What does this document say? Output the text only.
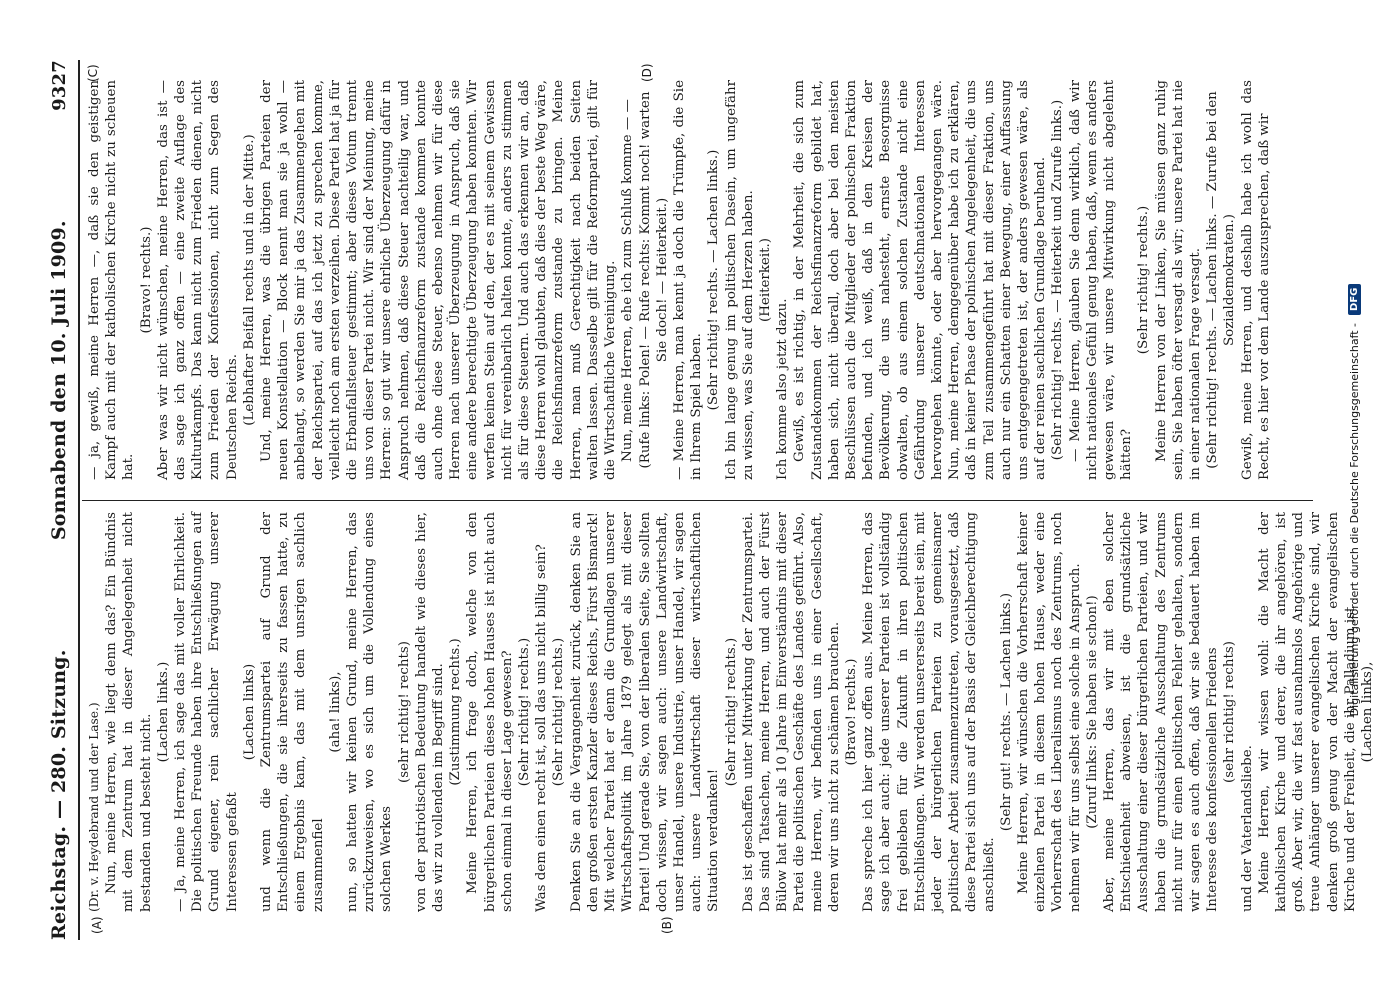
Reichstag. — 280. Sitzung.
Sonnabend den 10. Juli 1909.
9327
(A)	(B)
(C)	(D)

(Dr. v. Heydebrand und der Lase.) Nun, meine Herren, wie liegt denn das? Ein Bündnis mit dem Zentrum hat in dieser Angelegenheit nicht bestanden und besteht nicht.

(Lachen links.) — Ja, meine Herren, ich sage das mit voller Ehrlichkeit. Die politischen Freunde haben ihre Entschließungen auf Grund eigener, rein sachlicher Erwägung unserer Interessen gefaßt

(Lachen links) und wenn die Zentrumspartei auf Grund der Entschließungen, die sie ihrerseits zu fassen hatte, zu einem Ergebnis kam, das mit dem unsrigen sachlich zusammenfiel

(aha! links), nun, so hatten wir keinen Grund, meine Herren, das zurückzuweisen, wo es sich um die Vollendung eines solchen Werkes

(sehr richtig! rechts) von der patriotischen Bedeutung handelt wie dieses hier, das wir zu vollenden im Begriff sind. (Zustimmung rechts.) Meine Herren, ich frage doch, welche von den bürgerlichen Parteien dieses hohen Hauses ist nicht auch schon einmal in dieser Lage gewesen? (Sehr richtig! rechts.) Was dem einen recht ist, soll das uns nicht billig sein? (Sehr richtig! rechts.) Denken Sie an die Vergangenheit zurück, denken Sie an den großen ersten Kanzler dieses Reichs, Fürst Bismarck! Mit welcher Partei hat er denn die Grundlagen unserer Wirtschaftspolitik im Jahre 1879 gelegt als mit dieser Partei! Und gerade Sie, von der liberalen Seite, Sie sollten doch wissen, wir sagen auch: unsere Landwirtschaft, unser Handel, unsere Industrie, unser Handel, wir sagen auch: unsere Landwirtschaft dieser wirtschaftlichen Situation verdanken!

(Sehr richtig! rechts.) Das ist geschaffen unter Mitwirkung der Zentrumspartei. Das sind Tatsachen, meine Herren, und auch der Fürst Bülow hat mehr als 10 Jahre im Einverständnis mit dieser Partei die politischen Geschäfte des Landes geführt. Also, meine Herren, wir befinden uns in einer Gesellschaft, deren wir uns nicht zu schämen brauchen. (Bravo! rechts.) Das spreche ich hier ganz offen aus. Meine Herren, das sage ich aber auch: jede unserer Parteien ist vollständig frei geblieben für die Zukunft in ihren politischen Entschließungen. Wir werden unsererseits bereit sein, mit jeder der bürgerlichen Parteien zu gemeinsamer politischer Arbeit zusammenzutreten, vorausgesetzt, daß diese Partei sich uns auf der Basis der Gleichberechtigung anschließt.

(Sehr gut! rechts. — Lachen links.) Meine Herren, wir wünschen die Vorherrschaft keiner einzelnen Partei in diesem hohen Hause, weder eine Vorherrschaft des Liberalismus noch des Zentrums, noch nehmen wir für uns selbst eine solche in Anspruch. (Zuruf links: Sie haben sie schon!) Aber, meine Herren, das wir mit eben solcher Entschiedenheit abweisen, ist die grundsätzliche Ausschaltung einer dieser bürgerlichen Parteien, und wir haben die grundsätzliche Ausschaltung des Zentrums nicht nur für einen politischen Fehler gehalten, sondern wir sagen es auch offen, daß wir sie bedauert haben im Interesse des konfessionellen Friedens (sehr richtig! rechts)

und der Vaterlandsliebe. Meine Herren, wir wissen wohl: die Macht der katholischen Kirche und derer, die ihr angehören, ist groß. Aber wir, die wir fast ausnahmslos Angehörige und treue Anhänger unserer evangelischen Kirche sind, wir denken groß genug von der Macht der evangelischen Kirche und der Freiheit, die ihr Palladium ist (Lachen links),

— ja, gewiß, meine Herren —, daß sie den geistigen Kampf auch mit der katholischen Kirche nicht zu scheuen hat.

(Bravo! rechts.) Aber was wir nicht wünschen, meine Herren, das ist — das sage ich ganz offen — eine zweite Auflage des Kulturkampfs. Das kann nicht zum Frieden dienen, nicht zum Frieden der Konfessionen, nicht zum Segen des Deutschen Reichs. (Lebhafter Beifall rechts und in der Mitte.) Und, meine Herren, was die übrigen Parteien der neuen Konstellation — Block nennt man sie ja wohl — anbelangt, so werden Sie mir ja das Zusammengehen mit der Reichspartei, auf das ich jetzt zu sprechen komme, vielleicht noch am ersten verzeihen. Diese Partei hat ja für die Erbanfallsteuer gestimmt; aber dieses Votum trennt uns von dieser Partei nicht. Wir sind der Meinung, meine Herren: so gut wir unsere ehrliche Überzeugung dafür in Anspruch nehmen, daß diese Steuer nachteilig war, und daß die Reichsfinanzreform zustande kommen konnte auch ohne diese Steuer, ebenso nehmen wir für diese Herren nach unserer Überzeugung in Anspruch, daß sie eine andere berechtigte Überzeugung haben konnten. Wir werfen keinen Stein auf den, der es mit seinem Gewissen nicht für vereinbarlich halten konnte, anders zu stimmen als für diese Steuern. Und auch das erkennen wir an, daß diese Herren wohl glaubten, daß dies der beste Weg wäre, die Reichsfinanzreform zustande zu bringen. Meine Herren, man muß Gerechtigkeit nach beiden Seiten walten lassen. Dasselbe gilt für die Reformpartei, gilt für die Wirtschaftliche Vereinigung. Nun, meine Herren, ehe ich zum Schluß komme — — (Rufe links: Polen! — Rufe rechts: Kommt noch! warten Sie doch! — Heiterkeit.) — Meine Herren, man kennt ja doch die Trümpfe, die Sie in Ihrem Spiel haben. (Sehr richtig! rechts. — Lachen links.) Ich bin lange genug im politischen Dasein, um ungefähr zu wissen, was Sie auf dem Herzen haben. (Heiterkeit.)

Ich komme also jetzt dazu. Gewiß, es ist richtig, in der Mehrheit, die sich zum Zustandekommen der Reichsfinanzreform gebildet hat, haben sich, nicht überall, doch aber bei den meisten Beschlüssen auch die Mitglieder der polnischen Fraktion befunden, und ich weiß, daß in den Kreisen der Bevölkerung, die uns nahesteht, ernste Besorgnisse obwalten, ob aus einem solchen Zustande nicht eine Gefährdung unserer deutschnationalen Interessen hervorgehen könnte, oder aber hervorgegangen wäre. Nun, meine Herren, demgegenüber habe ich zu erklären, daß in keiner Phase der polnischen Angelegenheit, die uns zum Teil zusammengeführt hat mit dieser Fraktion, uns auch nur ein Schatten einer Bewegung, einer Auffassung uns entgegengetreten ist, der anders gewesen wäre, als auf der reinen sachlichen Grundlage beruhend. (Sehr richtig! rechts. — Heiterkeit und Zurufe links.) — Meine Herren, glauben Sie denn wirklich, daß wir nicht nationales Gefühl genug haben, daß, wenn es anders gewesen wäre, wir unsere Mitwirkung nicht abgelehnt hätten?

(Sehr richtig! rechts.) Meine Herren von der Linken, Sie müssen ganz ruhig sein, Sie haben öfter versagt als wir; unsere Partei hat nie in einer nationalen Frage versagt. (Sehr richtig! rechts. — Lachen links. — Zurufe bei den Sozialdemokraten.) Gewiß, meine Herren, und deshalb habe ich wohl das Recht, es hier vor dem Lande auszusprechen, daß wir

Digitalisierung gefördert durch die Deutsche Forschungsgemeinschaft -
DFG
